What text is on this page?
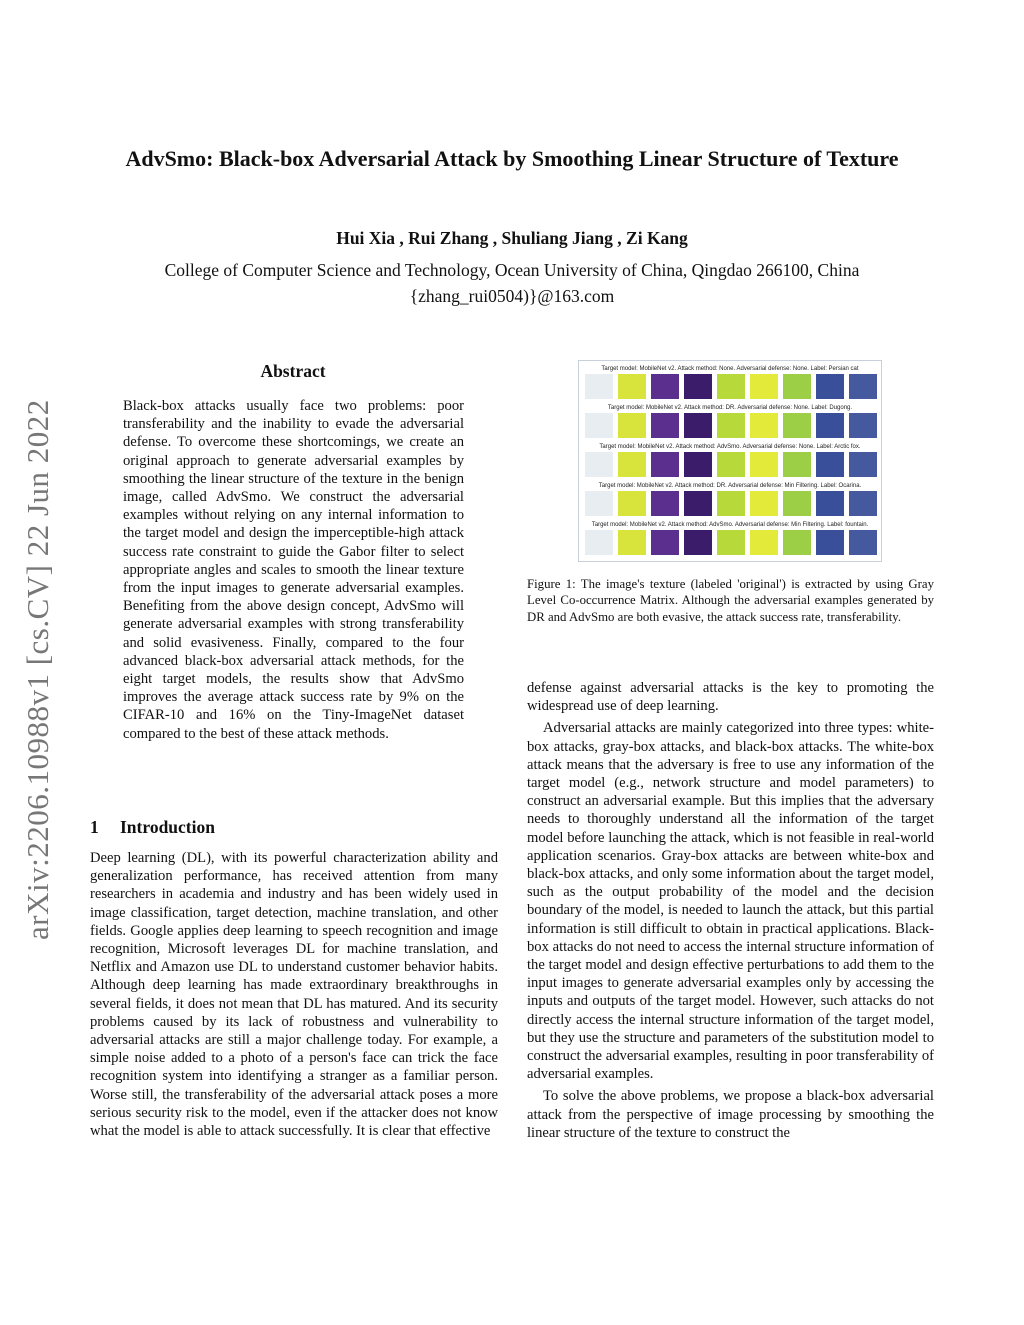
arXiv:2206.10988v1 [cs.CV] 22 Jun 2022
AdvSmo: Black-box Adversarial Attack by Smoothing Linear Structure of Texture
Hui Xia , Rui Zhang , Shuliang Jiang , Zi Kang
College of Computer Science and Technology, Ocean University of China, Qingdao 266100, China
{zhang_rui0504)}@163.com
Abstract

Black-box attacks usually face two problems: poor transferability and the inability to evade the adversarial defense. To overcome these shortcomings, we create an original approach to generate adversarial examples by smoothing the linear structure of the texture in the benign image, called AdvSmo. We construct the adversarial examples without relying on any internal information to the target model and design the imperceptible-high attack success rate constraint to guide the Gabor filter to select appropriate angles and scales to smooth the linear texture from the input images to generate adversarial examples. Benefiting from the above design concept, AdvSmo will generate adversarial examples with strong transferability and solid evasiveness. Finally, compared to the four advanced black-box adversarial attack methods, for the eight target models, the results show that AdvSmo improves the average attack success rate by 9% on the CIFAR-10 and 16% on the Tiny-ImageNet dataset compared to the best of these attack methods.

1 Introduction

Deep learning (DL), with its powerful characterization ability and generalization performance, has received attention from many researchers in academia and industry and has been widely used in image classification, target detection, machine translation, and other fields. Google applies deep learning to speech recognition and image recognition, Microsoft leverages DL for machine translation, and Netflix and Amazon use DL to understand customer behavior habits. Although deep learning has made extraordinary breakthroughs in several fields, it does not mean that DL has matured. And its security problems caused by its lack of robustness and vulnerability to adversarial attacks are still a major challenge today. For example, a simple noise added to a photo of a person's face can trick the face recognition system into identifying a stranger as a familiar person. Worse still, the transferability of the adversarial attack poses a more serious security risk to the model, even if the attacker does not know what the model is able to attack successfully. It is clear that effective

Target model: MobileNet v2. Attack method: None. Adversarial defense: None. Label: Persian cat
Target model: MobileNet v2. Attack method: DR. Adversarial defense: None. Label: Dugong.
Target model: MobileNet v2. Attack method: AdvSmo. Adversarial defense: None. Label: Arctic fox.
Target model: MobileNet v2. Attack method: DR. Adversarial defense: Min Filtering. Label: Ocarina.
Target model: MobileNet v2. Attack method: AdvSmo. Adversarial defense: Min Filtering. Label: fountain.
Figure 1: The image's texture (labeled 'original') is extracted by using Gray Level Co-occurrence Matrix. Although the adversarial examples generated by DR and AdvSmo are both evasive, the attack success rate, transferability.

defense against adversarial attacks is the key to promoting the widespread use of deep learning.

Adversarial attacks are mainly categorized into three types: white-box attacks, gray-box attacks, and black-box attacks. The white-box attack means that the adversary is free to use any information of the target model (e.g., network structure and model parameters) to construct an adversarial example. But this implies that the adversary needs to thoroughly understand all the information of the target model before launching the attack, which is not feasible in real-world application scenarios. Gray-box attacks are between white-box and black-box attacks, and only some information about the target model, such as the output probability of the model and the decision boundary of the model, is needed to launch the attack, but this partial information is still difficult to obtain in practical applications. Black-box attacks do not need to access the internal structure information of the target model and design effective perturbations to add them to the input images to generate adversarial examples only by accessing the inputs and outputs of the target model. However, such attacks do not directly access the internal structure information of the target model, but they use the structure and parameters of the substitution model to construct the adversarial examples, resulting in poor transferability of adversarial examples.

To solve the above problems, we propose a black-box adversarial attack from the perspective of image processing by smoothing the linear structure of the texture to construct the
